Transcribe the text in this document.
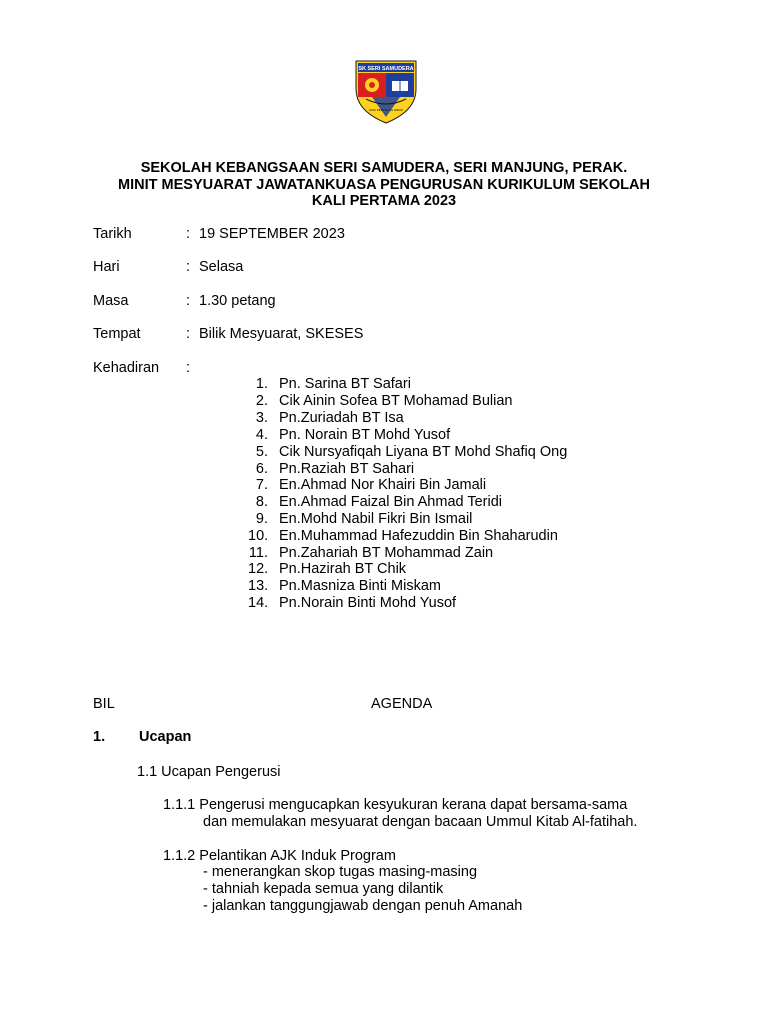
SK SERI SAMUDERA
ILMU PENYULUH HIDUP
SEKOLAH KEBANGSAAN SERI SAMUDERA, SERI MANJUNG, PERAK.
MINIT MESYUARAT JAWATANKUASA PENGURUSAN KURIKULUM SEKOLAH
KALI PERTAMA 2023
Tarikh	: 19 SEPTEMBER 2023
Hari	: Selasa
Masa	: 1.30 petang
Tempat	: Bilik Mesyuarat, SKESES
Kehadiran :
1. Pn. Sarina BT Safari
2. Cik Ainin Sofea BT Mohamad Bulian
3. Pn.Zuriadah BT Isa
4. Pn. Norain BT Mohd Yusof
5. Cik Nursyafiqah Liyana BT Mohd Shafiq Ong
6. Pn.Raziah BT Sahari
7. En.Ahmad Nor Khairi Bin Jamali
8. En.Ahmad Faizal Bin Ahmad Teridi
9. En.Mohd Nabil Fikri Bin Ismail
10. En.Muhammad Hafezuddin Bin Shaharudin
11. Pn.Zahariah BT Mohammad Zain
12. Pn.Hazirah BT Chik
13. Pn.Masniza Binti Miskam
14. Pn.Norain Binti Mohd Yusof
BIL	AGENDA
1. Ucapan
1.1 Ucapan Pengerusi
1.1.1 Pengerusi mengucapkan kesyukuran kerana dapat bersama-sama
dan memulakan mesyuarat dengan bacaan Ummul Kitab Al-fatihah.
1.1.2 Pelantikan AJK Induk Program
- menerangkan skop tugas masing-masing
- tahniah kepada semua yang dilantik
- jalankan tanggungjawab dengan penuh Amanah
